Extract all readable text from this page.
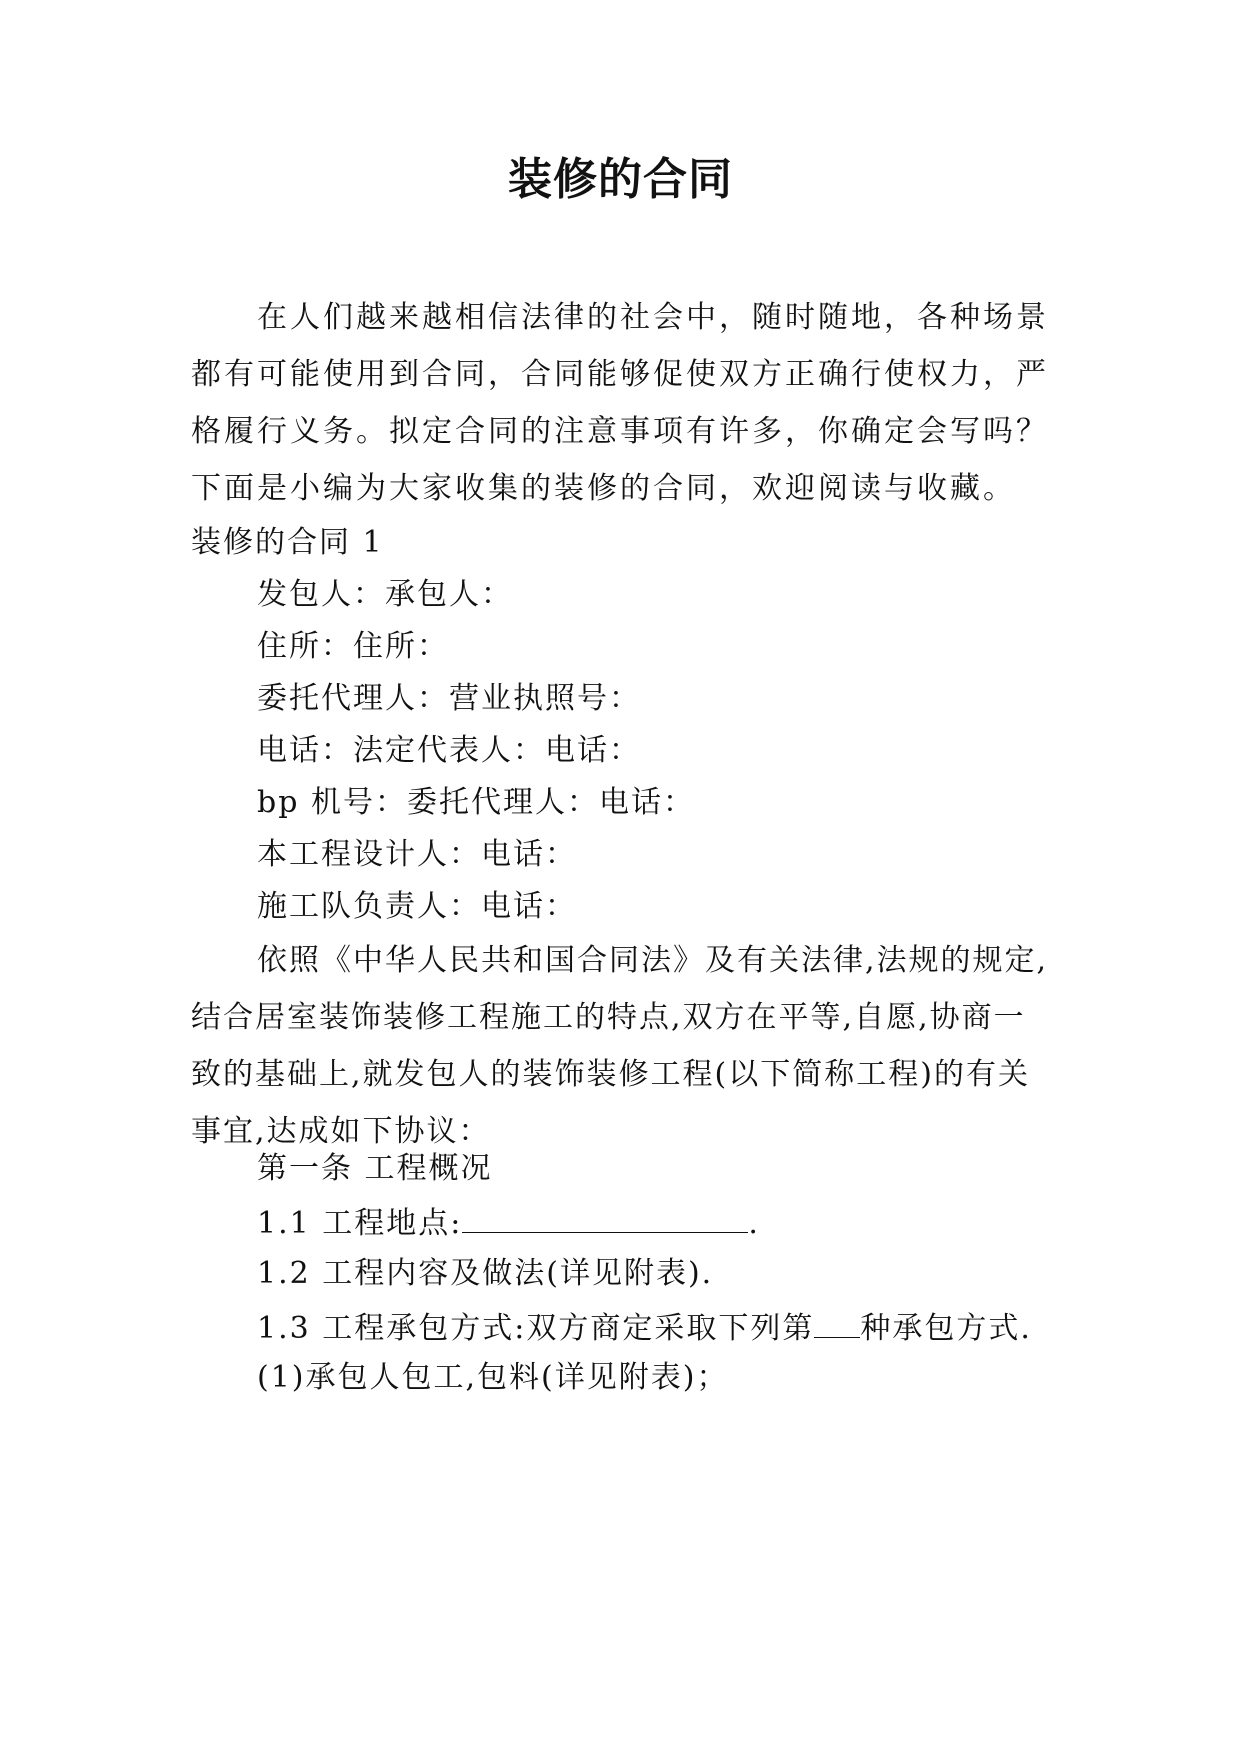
装修的合同

在人们越来越相信法律的社会中，随时随地，各种场景都有可能使用到合同，合同能够促使双方正确行使权力，严格履行义务。拟定合同的注意事项有许多，你确定会写吗？下面是小编为大家收集的装修的合同，欢迎阅读与收藏。

装修的合同 1
发包人：承包人：
住所：住所：
委托代理人：营业执照号：
电话：法定代表人：电话：
bp 机号：委托代理人：电话：
本工程设计人：电话：
施工队负责人：电话：

依照《中华人民共和国合同法》及有关法律,法规的规定,结合居室装饰装修工程施工的特点,双方在平等,自愿,协商一致的基础上,就发包人的装饰装修工程(以下简称工程)的有关事宜,达成如下协议：

第一条 工程概况
1.1 工程地点:	.
1.2 工程内容及做法(详见附表).
1.3 工程承包方式:双方商定采取下列第 种承包方式.
(1)承包人包工,包料(详见附表)；
